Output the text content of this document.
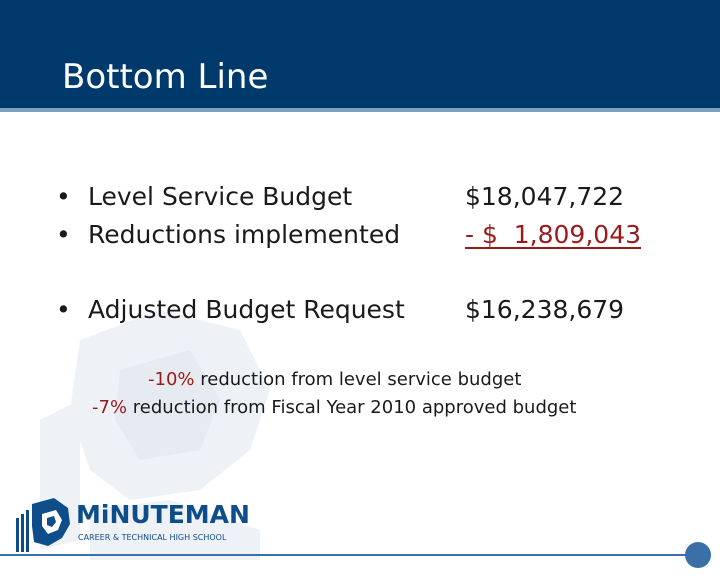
Bottom Line
• Level Service Budget	$18,047,722
• Reductions implemented	- $  1,809,043
• Adjusted Budget Request $16,238,679
-10% reduction from level service budget
-7% reduction from Fiscal Year 2010 approved budget
MiNUTEMAN
CAREER & TECHNICAL HIGH SCHOOL
